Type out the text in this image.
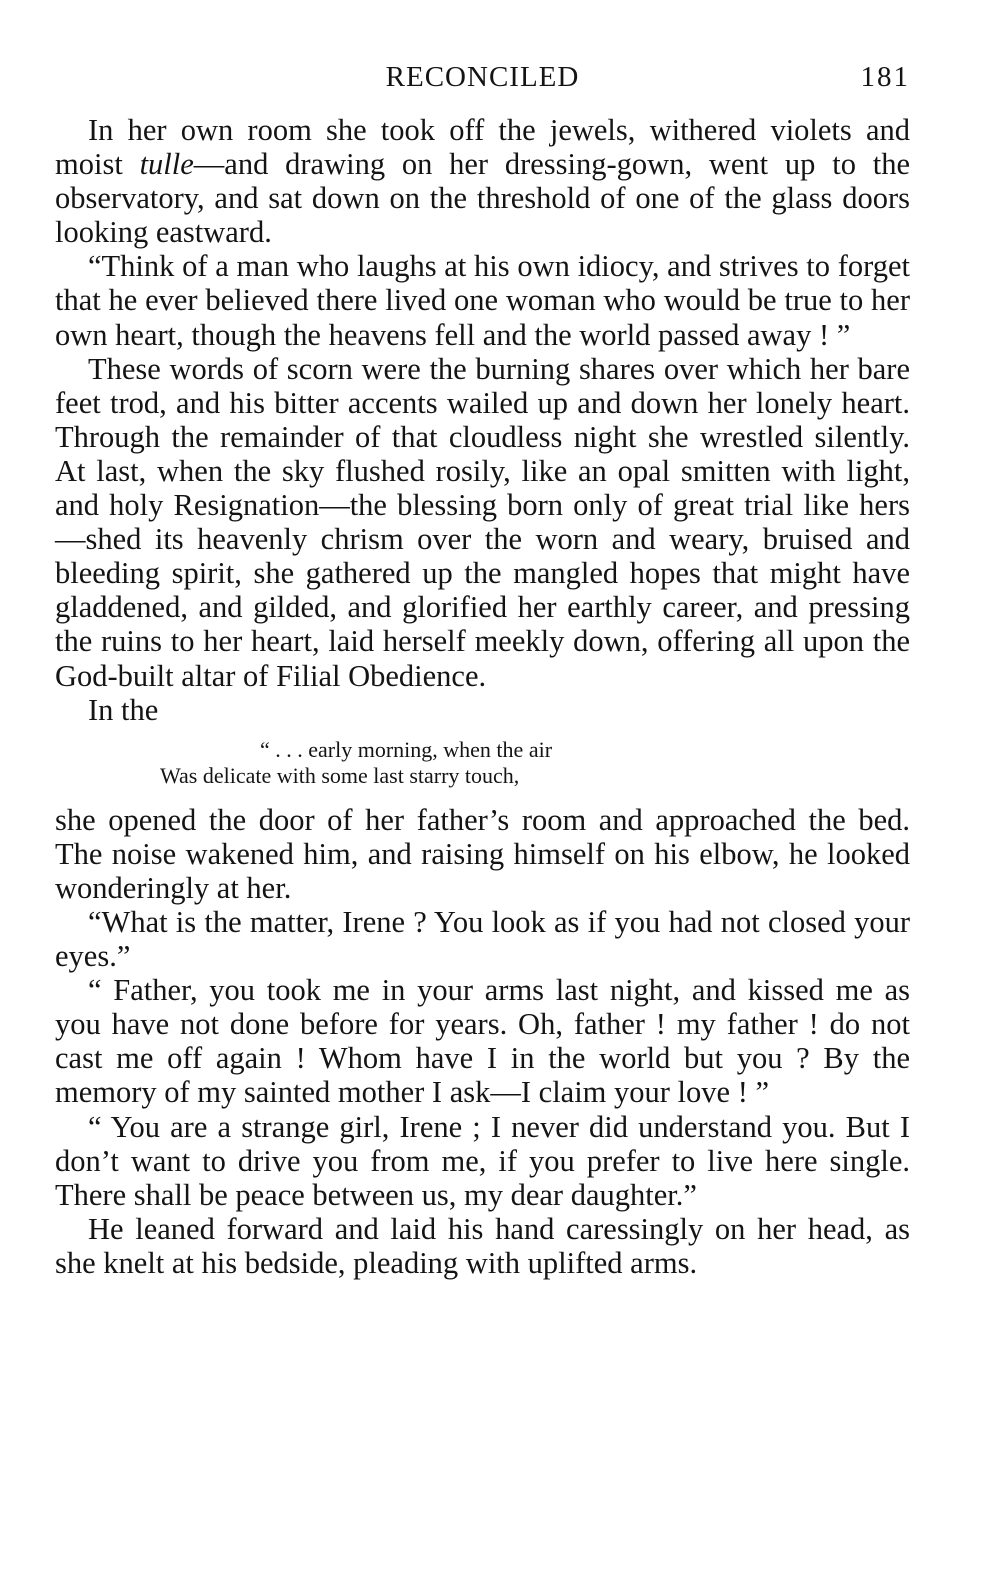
RECONCILED	181

In her own room she took off the jewels, withered violets and moist tulle—and drawing on her dressing-gown, went up to the observatory, and sat down on the threshold of one of the glass doors looking eastward.

“Think of a man who laughs at his own idiocy, and strives to forget that he ever believed there lived one woman who would be true to her own heart, though the heavens fell and the world passed away ! ”

These words of scorn were the burning shares over which her bare feet trod, and his bitter accents wailed up and down her lonely heart. Through the remainder of that cloudless night she wrestled silently. At last, when the sky flushed rosily, like an opal smitten with light, and holy Resignation—the blessing born only of great trial like hers—shed its heavenly chrism over the worn and weary, bruised and bleeding spirit, she gathered up the mangled hopes that might have gladdened, and gilded, and glorified her earthly career, and pressing the ruins to her heart, laid herself meekly down, offering all upon the God-built altar of Filial Obedience.

In the

“ . . . early morning, when the air
Was delicate with some last starry touch,

she opened the door of her father’s room and approached the bed. The noise wakened him, and raising himself on his elbow, he looked wonderingly at her.

“What is the matter, Irene ? You look as if you had not closed your eyes.”

“ Father, you took me in your arms last night, and kissed me as you have not done before for years. Oh, father ! my father ! do not cast me off again ! Whom have I in the world but you ? By the memory of my sainted mother I ask—I claim your love ! ”

“ You are a strange girl, Irene ; I never did understand you. But I don’t want to drive you from me, if you prefer to live here single. There shall be peace between us, my dear daughter.”

He leaned forward and laid his hand caressingly on her head, as she knelt at his bedside, pleading with uplifted arms.
